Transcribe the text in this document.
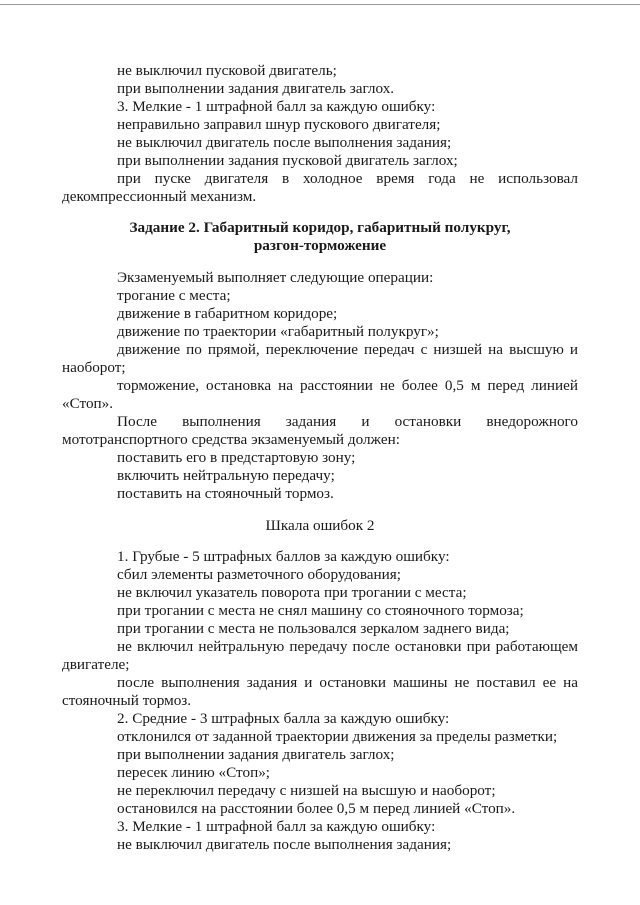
не выключил пусковой двигатель;
при выполнении задания двигатель заглох.
3. Мелкие - 1 штрафной балл за каждую ошибку:
неправильно заправил шнур пускового двигателя;
не выключил двигатель после выполнения задания;
при выполнении задания пусковой двигатель заглох;
при пуске двигателя в холодное время года не использовал
декомпрессионный механизм.
Задание 2. Габаритный коридор, габаритный полукруг,
разгон-торможение
Экзаменуемый выполняет следующие операции:
трогание с места;
движение в габаритном коридоре;
движение по траектории «габаритный полукруг»;
движение по прямой, переключение передач с низшей на высшую и
наоборот;
торможение, остановка на расстоянии не более 0,5 м перед линией
«Стоп».
После выполнения задания и остановки внедорожного
мототранспортного средства экзаменуемый должен:
поставить его в предстартовую зону;
включить нейтральную передачу;
поставить на стояночный тормоз.
Шкала ошибок 2
1. Грубые - 5 штрафных баллов за каждую ошибку:
сбил элементы разметочного оборудования;
не включил указатель поворота при трогании с места;
при трогании с места не снял машину со стояночного тормоза;
при трогании с места не пользовался зеркалом заднего вида;
не включил нейтральную передачу после остановки при работающем
двигателе;
после выполнения задания и остановки машины не поставил ее на
стояночный тормоз.
2. Средние - 3 штрафных балла за каждую ошибку:
отклонился от заданной траектории движения за пределы разметки;
при выполнении задания двигатель заглох;
пересек линию «Стоп»;
не переключил передачу с низшей на высшую и наоборот;
остановился на расстоянии более 0,5 м перед линией «Стоп».
3. Мелкие - 1 штрафной балл за каждую ошибку:
не выключил двигатель после выполнения задания;
